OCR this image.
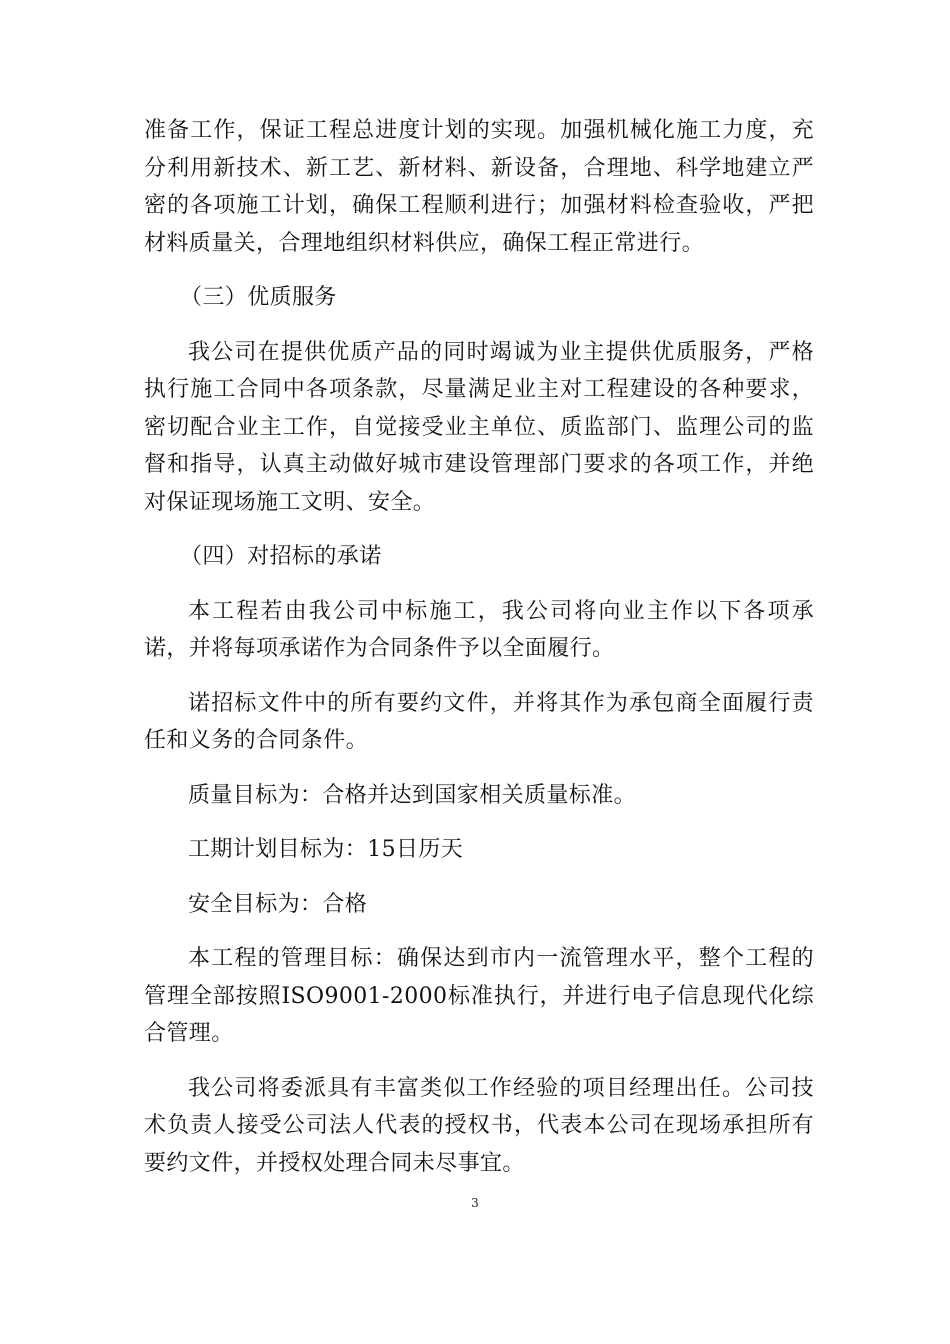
准备工作，保证工程总进度计划的实现。加强机械化施工力度，充分利用新技术、新工艺、新材料、新设备，合理地、科学地建立严密的各项施工计划，确保工程顺利进行；加强材料检查验收，严把材料质量关，合理地组织材料供应，确保工程正常进行。

（三）优质服务

我公司在提供优质产品的同时竭诚为业主提供优质服务，严格执行施工合同中各项条款，尽量满足业主对工程建设的各种要求，密切配合业主工作，自觉接受业主单位、质监部门、监理公司的监督和指导，认真主动做好城市建设管理部门要求的各项工作，并绝对保证现场施工文明、安全。

（四）对招标的承诺

本工程若由我公司中标施工，我公司将向业主作以下各项承诺，并将每项承诺作为合同条件予以全面履行。

诺招标文件中的所有要约文件，并将其作为承包商全面履行责任和义务的合同条件。

质量目标为：合格并达到国家相关质量标准。

工期计划目标为：15日历天

安全目标为：合格

本工程的管理目标：确保达到市内一流管理水平，整个工程的管理全部按照ISO9001-2000标准执行，并进行电子信息现代化综合管理。

我公司将委派具有丰富类似工作经验的项目经理出任。公司技术负责人接受公司法人代表的授权书，代表本公司在现场承担所有要约文件，并授权处理合同未尽事宜。

3
